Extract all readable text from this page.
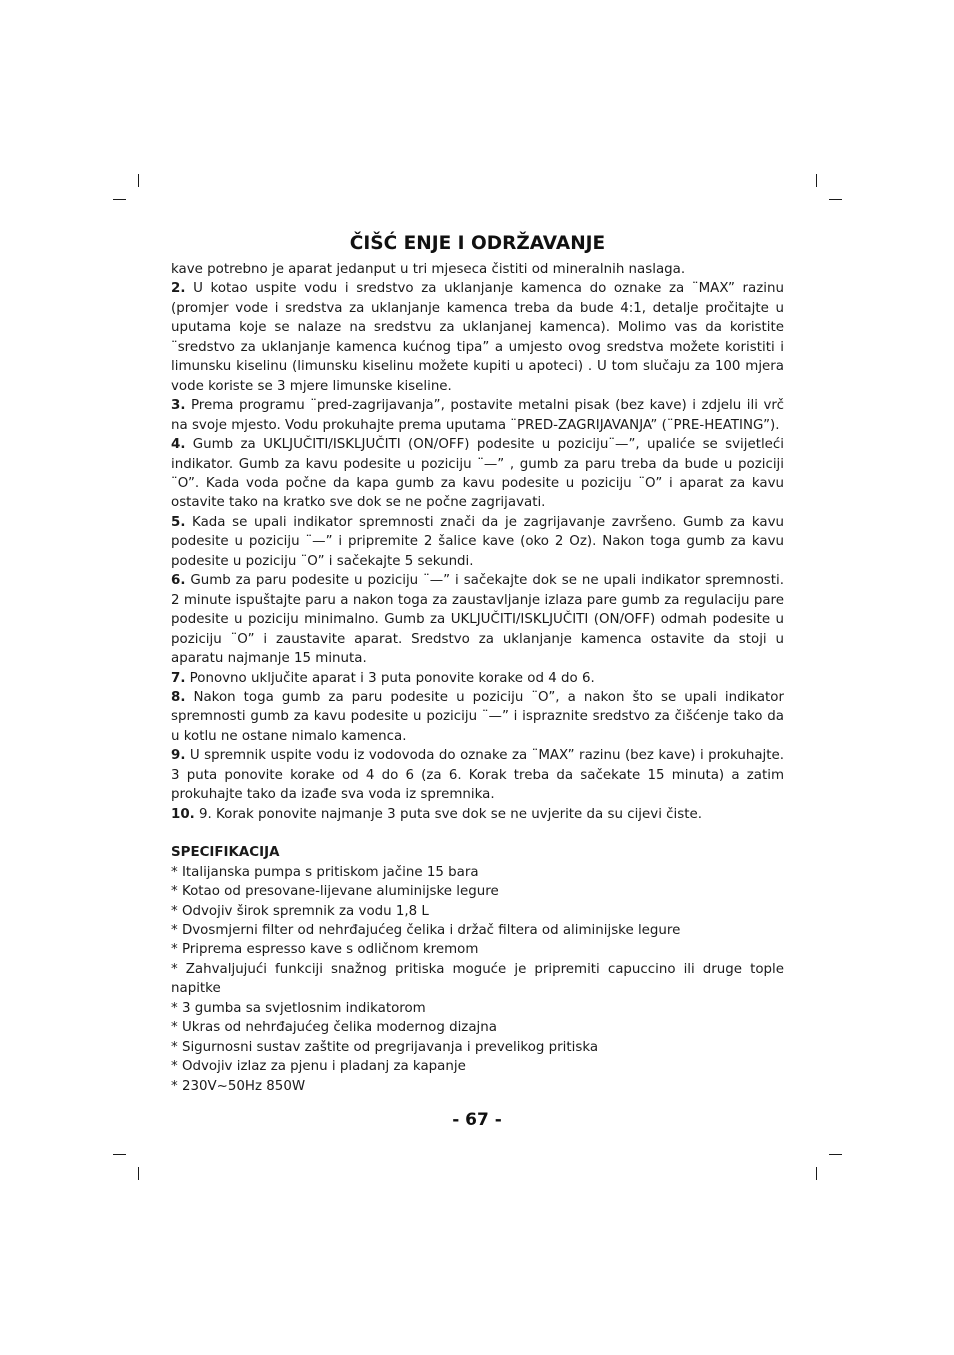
ČIŠĆ ENJE I ODRŽAVANJE

kave potrebno je aparat jedanput u tri mjeseca čistiti od mineralnih naslaga.

2. U kotao uspite vodu i sredstvo za uklanjanje kamenca do oznake za ¨MAX” razinu (promjer vode i sredstva za uklanjanje kamenca treba da bude 4:1, detalje pročitajte u uputama koje se nalaze na sredstvu za uklanjanej kamenca). Molimo vas da koristite ¨sredstvo za uklanjanje kamenca kućnog tipa” a umjesto ovog sredstva možete koristiti i limunsku kiselinu (limunsku kiselinu možete kupiti u apoteci) . U tom slučaju za 100 mjera vode koriste se 3 mjere limunske kiseline.

3. Prema programu ¨pred-zagrijavanja”, postavite metalni pisak (bez kave) i zdjelu ili vrč na svoje mjesto. Vodu prokuhajte prema uputama ¨PRED-ZAGRIJAVANJA” (¨PRE-HEATING”).

4. Gumb za UKLJUČITI/ISKLJUČITI (ON/OFF) podesite u poziciju¨—”, upaliće se svijetleći indikator. Gumb za kavu podesite u poziciju ¨—” , gumb za paru treba da bude u poziciji ¨O”. Kada voda počne da kapa gumb za kavu podesite u poziciju ¨O” i aparat za kavu ostavite tako na kratko sve dok se ne počne zagrijavati.

5. Kada se upali indikator spremnosti znači da je zagrijavanje završeno. Gumb za kavu podesite u poziciju ¨—” i pripremite 2 šalice kave (oko 2 Oz). Nakon toga gumb za kavu podesite u poziciju ¨O” i sačekajte 5 sekundi.

6. Gumb za paru podesite u poziciju ¨—” i sačekajte dok se ne upali indikator spremnosti. 2 minute ispuštajte paru a nakon toga za zaustavljanje izlaza pare gumb za regulaciju pare podesite u poziciju minimalno. Gumb za UKLJUČITI/ISKLJUČITI (ON/OFF) odmah podesite u poziciju ¨O” i zaustavite aparat. Sredstvo za uklanjanje kamenca ostavite da stoji u aparatu najmanje 15 minuta.

7. Ponovno uključite aparat i 3 puta ponovite korake od 4 do 6.

8. Nakon toga gumb za paru podesite u poziciju ¨O”, a nakon što se upali indikator spremnosti gumb za kavu podesite u poziciju ¨—” i ispraznite sredstvo za čišćenje tako da u kotlu ne ostane nimalo kamenca.

9. U spremnik uspite vodu iz vodovoda do oznake za ¨MAX” razinu (bez kave) i prokuhajte. 3 puta ponovite korake od 4 do 6 (za 6. Korak treba da sačekate 15 minuta) a zatim prokuhajte tako da izađe sva voda iz spremnika.

10. 9. Korak ponovite najmanje 3 puta sve dok se ne uvjerite da su cijevi čiste.

SPECIFIKACIJA
* Italijanska pumpa s pritiskom jačine 15 bara
* Kotao od presovane-lijevane aluminijske legure
* Odvojiv širok spremnik za vodu 1,8 L
* Dvosmjerni filter od nehrđajućeg čelika i držač filtera od aliminijske legure
* Priprema espresso kave s odličnom kremom
* Zahvaljujući funkciji snažnog pritiska moguće je pripremiti capuccino ili druge tople napitke
* 3 gumba sa svjetlosnim indikatorom
* Ukras od nehrđajućeg čelika modernog dizajna
* Sigurnosni sustav zaštite od pregrijavanja i prevelikog pritiska
* Odvojiv izlaz za pjenu i pladanj za kapanje
* 230V~50Hz 850W
- 67 -
